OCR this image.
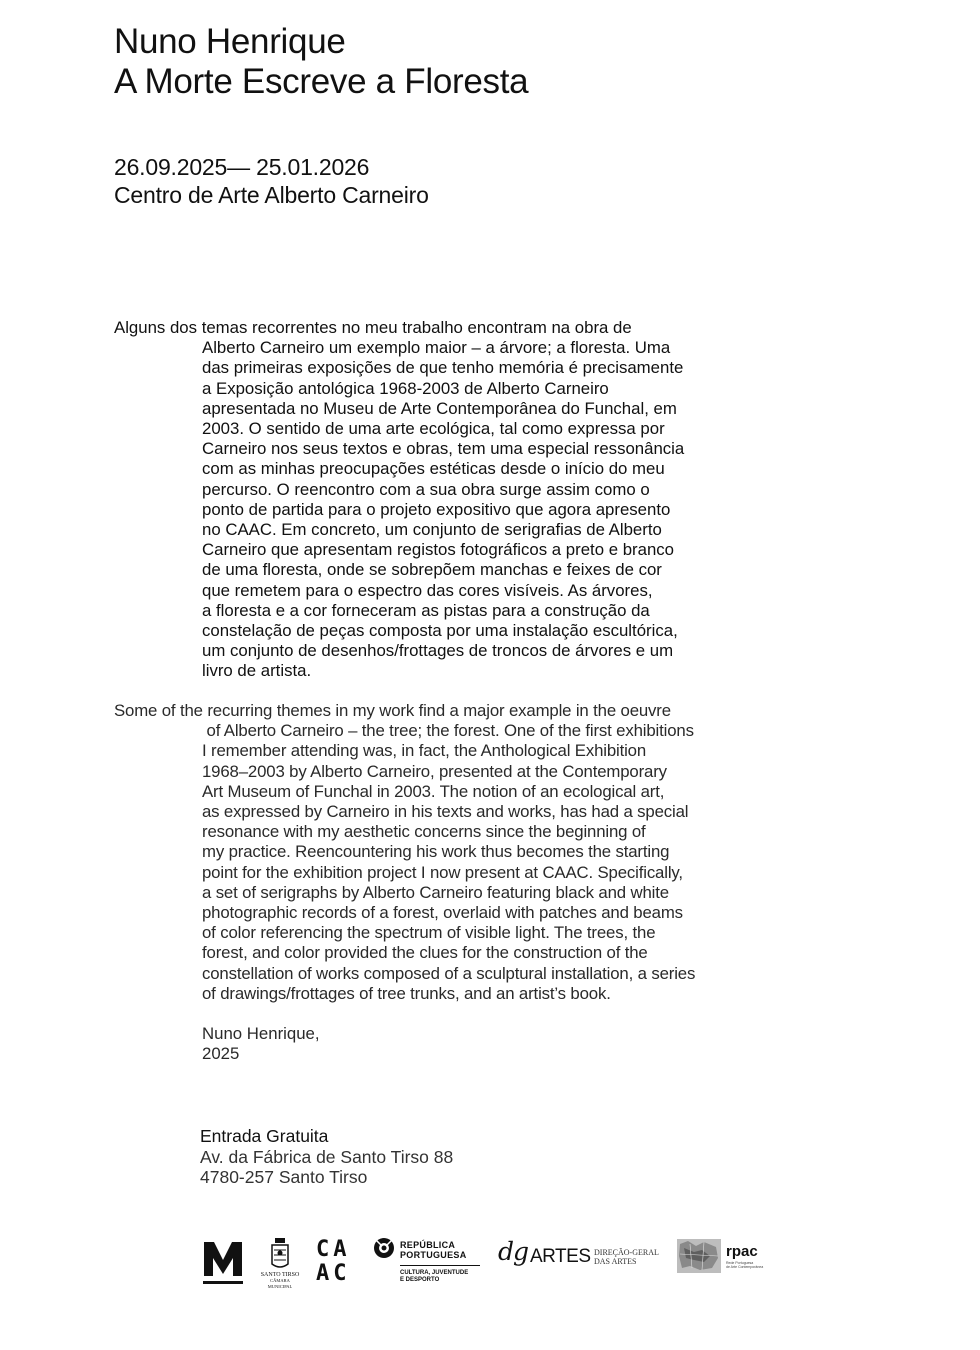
Nuno Henrique
A Morte Escreve a Floresta
26.09.2025— 25.01.2026
Centro de Arte Alberto Carneiro
Alguns dos temas recorrentes no meu trabalho encontram na obra de
Alberto Carneiro um exemplo maior – a árvore; a floresta. Uma
das primeiras exposições de que tenho memória é precisamente
a Exposição antológica 1968-2003 de Alberto Carneiro
apresentada no Museu de Arte Contemporânea do Funchal, em
2003. O sentido de uma arte ecológica, tal como expressa por
Carneiro nos seus textos e obras, tem uma especial ressonância
com as minhas preocupações estéticas desde o início do meu
percurso. O reencontro com a sua obra surge assim como o
ponto de partida para o projeto expositivo que agora apresento
no CAAC. Em concreto, um conjunto de serigrafias de Alberto
Carneiro que apresentam registos fotográficos a preto e branco
de uma floresta, onde se sobrepõem manchas e feixes de cor
que remetem para o espectro das cores visíveis. As árvores,
a floresta e a cor forneceram as pistas para a construção da
constelação de peças composta por uma instalação escultórica,
um conjunto de desenhos/frottages de troncos de árvores e um
livro de artista.
Some of the recurring themes in my work find a major example in the oeuvre
of Alberto Carneiro – the tree; the forest. One of the first exhibitions
I remember attending was, in fact, the Anthological Exhibition
1968–2003 by Alberto Carneiro, presented at the Contemporary
Art Museum of Funchal in 2003. The notion of an ecological art,
as expressed by Carneiro in his texts and works, has had a special
resonance with my aesthetic concerns since the beginning of
my practice. Reencountering his work thus becomes the starting
point for the exhibition project I now present at CAAC. Specifically,
a set of serigraphs by Alberto Carneiro featuring black and white
photographic records of a forest, overlaid with patches and beams
of color referencing the spectrum of visible light. The trees, the
forest, and color provided the clues for the construction of the
constellation of works composed of a sculptural installation, a series
of drawings/frottages of tree trunks, and an artist’s book.
Nuno Henrique,
2025
Entrada Gratuita
Av. da Fábrica de Santo Tirso 88
4780-257 Santo Tirso
SANTO TIRSO
CÂMARA MUNICIPAL
CA
AC
REPÚBLICA
PORTUGUESA
CULTURA, JUVENTUDE
E DESPORTO
dg ARTES DIREÇÃO-GERAL
DAS ARTES
rpac
Rede Portuguesa
de Arte Contemporânea
